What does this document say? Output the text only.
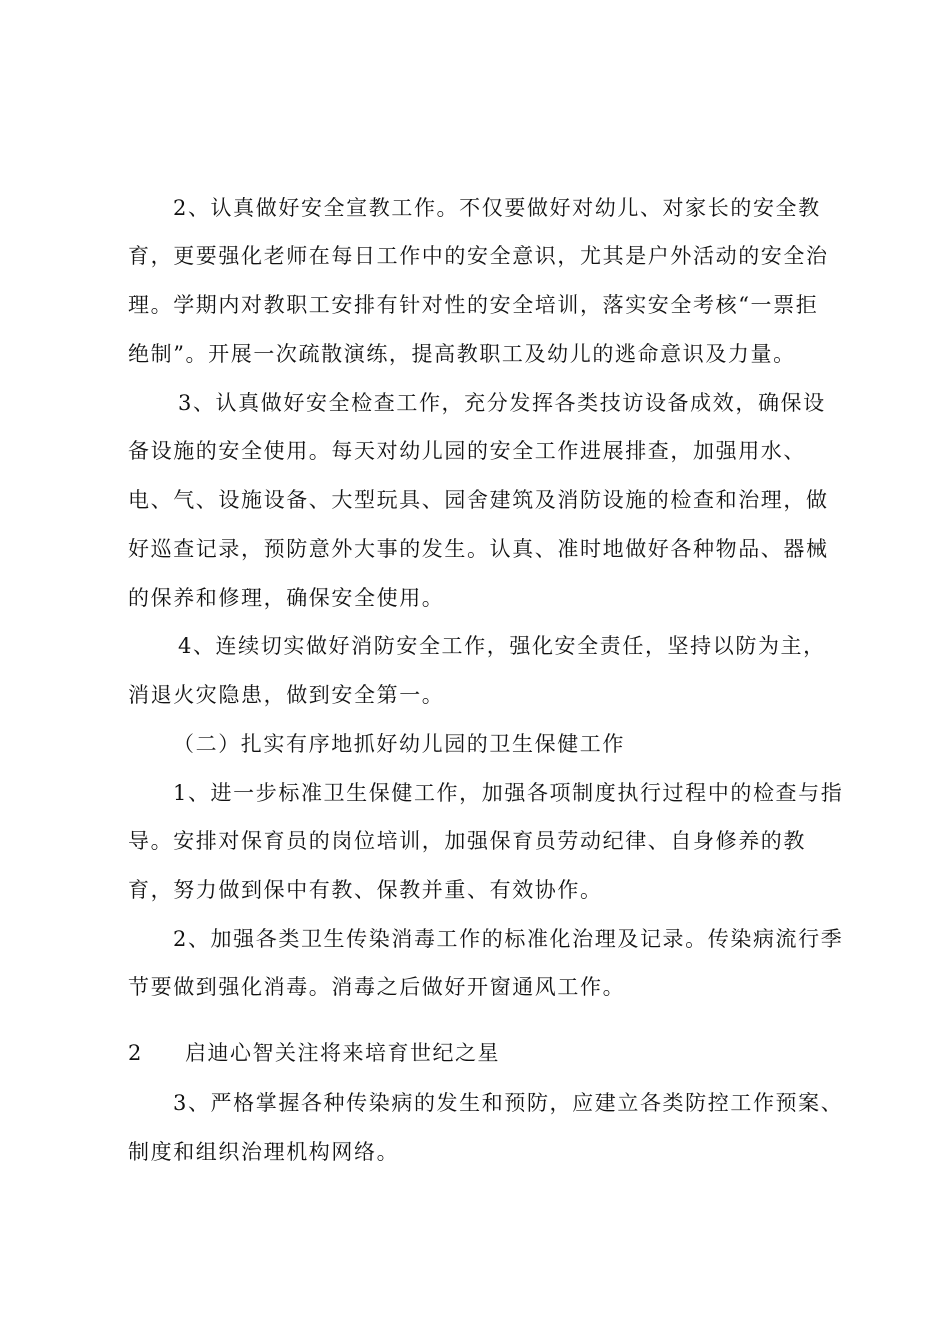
2、认真做好安全宣教工作。不仅要做好对幼儿、对家长的安全教
育，更要强化老师在每日工作中的安全意识，尤其是户外活动的安全治
理。学期内对教职工安排有针对性的安全培训，落实安全考核“一票拒
绝制”。开展一次疏散演练，提高教职工及幼儿的逃命意识及力量。
3、认真做好安全检查工作，充分发挥各类技访设备成效，确保设
备设施的安全使用。每天对幼儿园的安全工作进展排查，加强用水、
电、气、设施设备、大型玩具、园舍建筑及消防设施的检查和治理，做
好巡查记录，预防意外大事的发生。认真、准时地做好各种物品、器械
的保养和修理，确保安全使用。
4、连续切实做好消防安全工作，强化安全责任，坚持以防为主，
消退火灾隐患，做到安全第一。
（二）扎实有序地抓好幼儿园的卫生保健工作
1、进一步标准卫生保健工作，加强各项制度执行过程中的检查与指
导。安排对保育员的岗位培训，加强保育员劳动纪律、自身修养的教
育，努力做到保中有教、保教并重、有效协作。
2、加强各类卫生传染消毒工作的标准化治理及记录。传染病流行季
节要做到强化消毒。消毒之后做好开窗通风工作。
2 启迪心智关注将来培育世纪之星
3、严格掌握各种传染病的发生和预防，应建立各类防控工作预案、
制度和组织治理机构网络。
